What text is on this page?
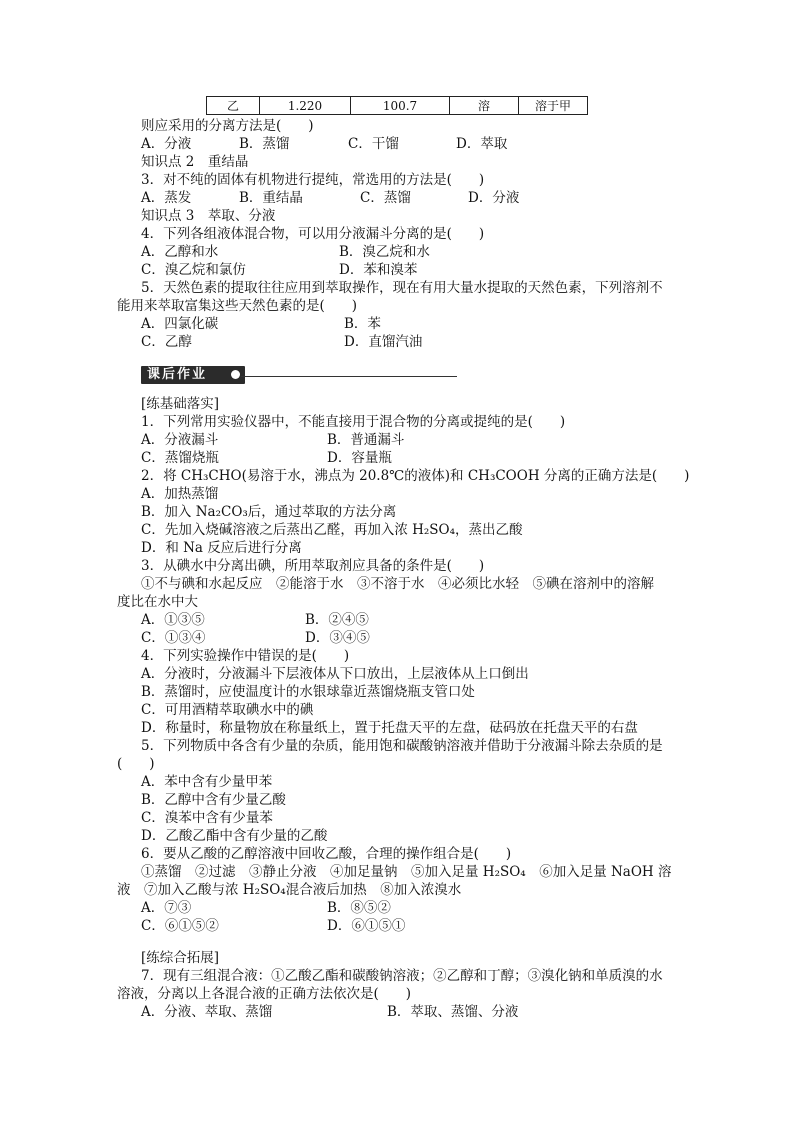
乙	1.220	100.7	溶	溶于甲
则应采用的分离方法是(　　)
A．分液	B．蒸馏	C．干馏	D．萃取
知识点 2　重结晶
3．对不纯的固体有机物进行提纯，常选用的方法是(　　)
A．蒸发	B．重结晶	C．蒸馏	D．分液
知识点 3　萃取、分液
4．下列各组液体混合物，可以用分液漏斗分离的是(　　)
A．乙醇和水	B．溴乙烷和水
C．溴乙烷和氯仿	D．苯和溴苯
5．天然色素的提取往往应用到萃取操作，现在有用大量水提取的天然色素，下列溶剂不
能用来萃取富集这些天然色素的是(　　)
A．四氯化碳	B．苯
C．乙醇	D．直馏汽油
课后作业
[练基础落实]
1．下列常用实验仪器中，不能直接用于混合物的分离或提纯的是(　　)
A．分液漏斗	B．普通漏斗
C．蒸馏烧瓶	D．容量瓶
2．将 CH₃CHO(易溶于水，沸点为 20.8℃的液体)和 CH₃COOH 分离的正确方法是(　　)
A．加热蒸馏
B．加入 Na₂CO₃后，通过萃取的方法分离
C．先加入烧碱溶液之后蒸出乙醛，再加入浓 H₂SO₄，蒸出乙酸
D．和 Na 反应后进行分离
3．从碘水中分离出碘，所用萃取剂应具备的条件是(　　)
①不与碘和水起反应　②能溶于水　③不溶于水　④必须比水轻　⑤碘在溶剂中的溶解
度比在水中大
A．①③⑤	B．②④⑤
C．①③④	D．③④⑤
4．下列实验操作中错误的是(　　)
A．分液时，分液漏斗下层液体从下口放出，上层液体从上口倒出
B．蒸馏时，应使温度计的水银球靠近蒸馏烧瓶支管口处
C．可用酒精萃取碘水中的碘
D．称量时，称量物放在称量纸上，置于托盘天平的左盘，砝码放在托盘天平的右盘
5．下列物质中各含有少量的杂质，能用饱和碳酸钠溶液并借助于分液漏斗除去杂质的是
(　　)
A．苯中含有少量甲苯
B．乙醇中含有少量乙酸
C．溴苯中含有少量苯
D．乙酸乙酯中含有少量的乙酸
6．要从乙酸的乙醇溶液中回收乙酸，合理的操作组合是(　　)
①蒸馏　②过滤　③静止分液　④加足量钠　⑤加入足量 H₂SO₄　⑥加入足量 NaOH 溶
液　⑦加入乙酸与浓 H₂SO₄混合液后加热　⑧加入浓溴水
A．⑦③	B．⑧⑤②
C．⑥①⑤②	D．⑥①⑤①
[练综合拓展]
7．现有三组混合液：①乙酸乙酯和碳酸钠溶液；②乙醇和丁醇；③溴化钠和单质溴的水
溶液，分离以上各混合液的正确方法依次是(　　)
A．分液、萃取、蒸馏	B．萃取、蒸馏、分液
